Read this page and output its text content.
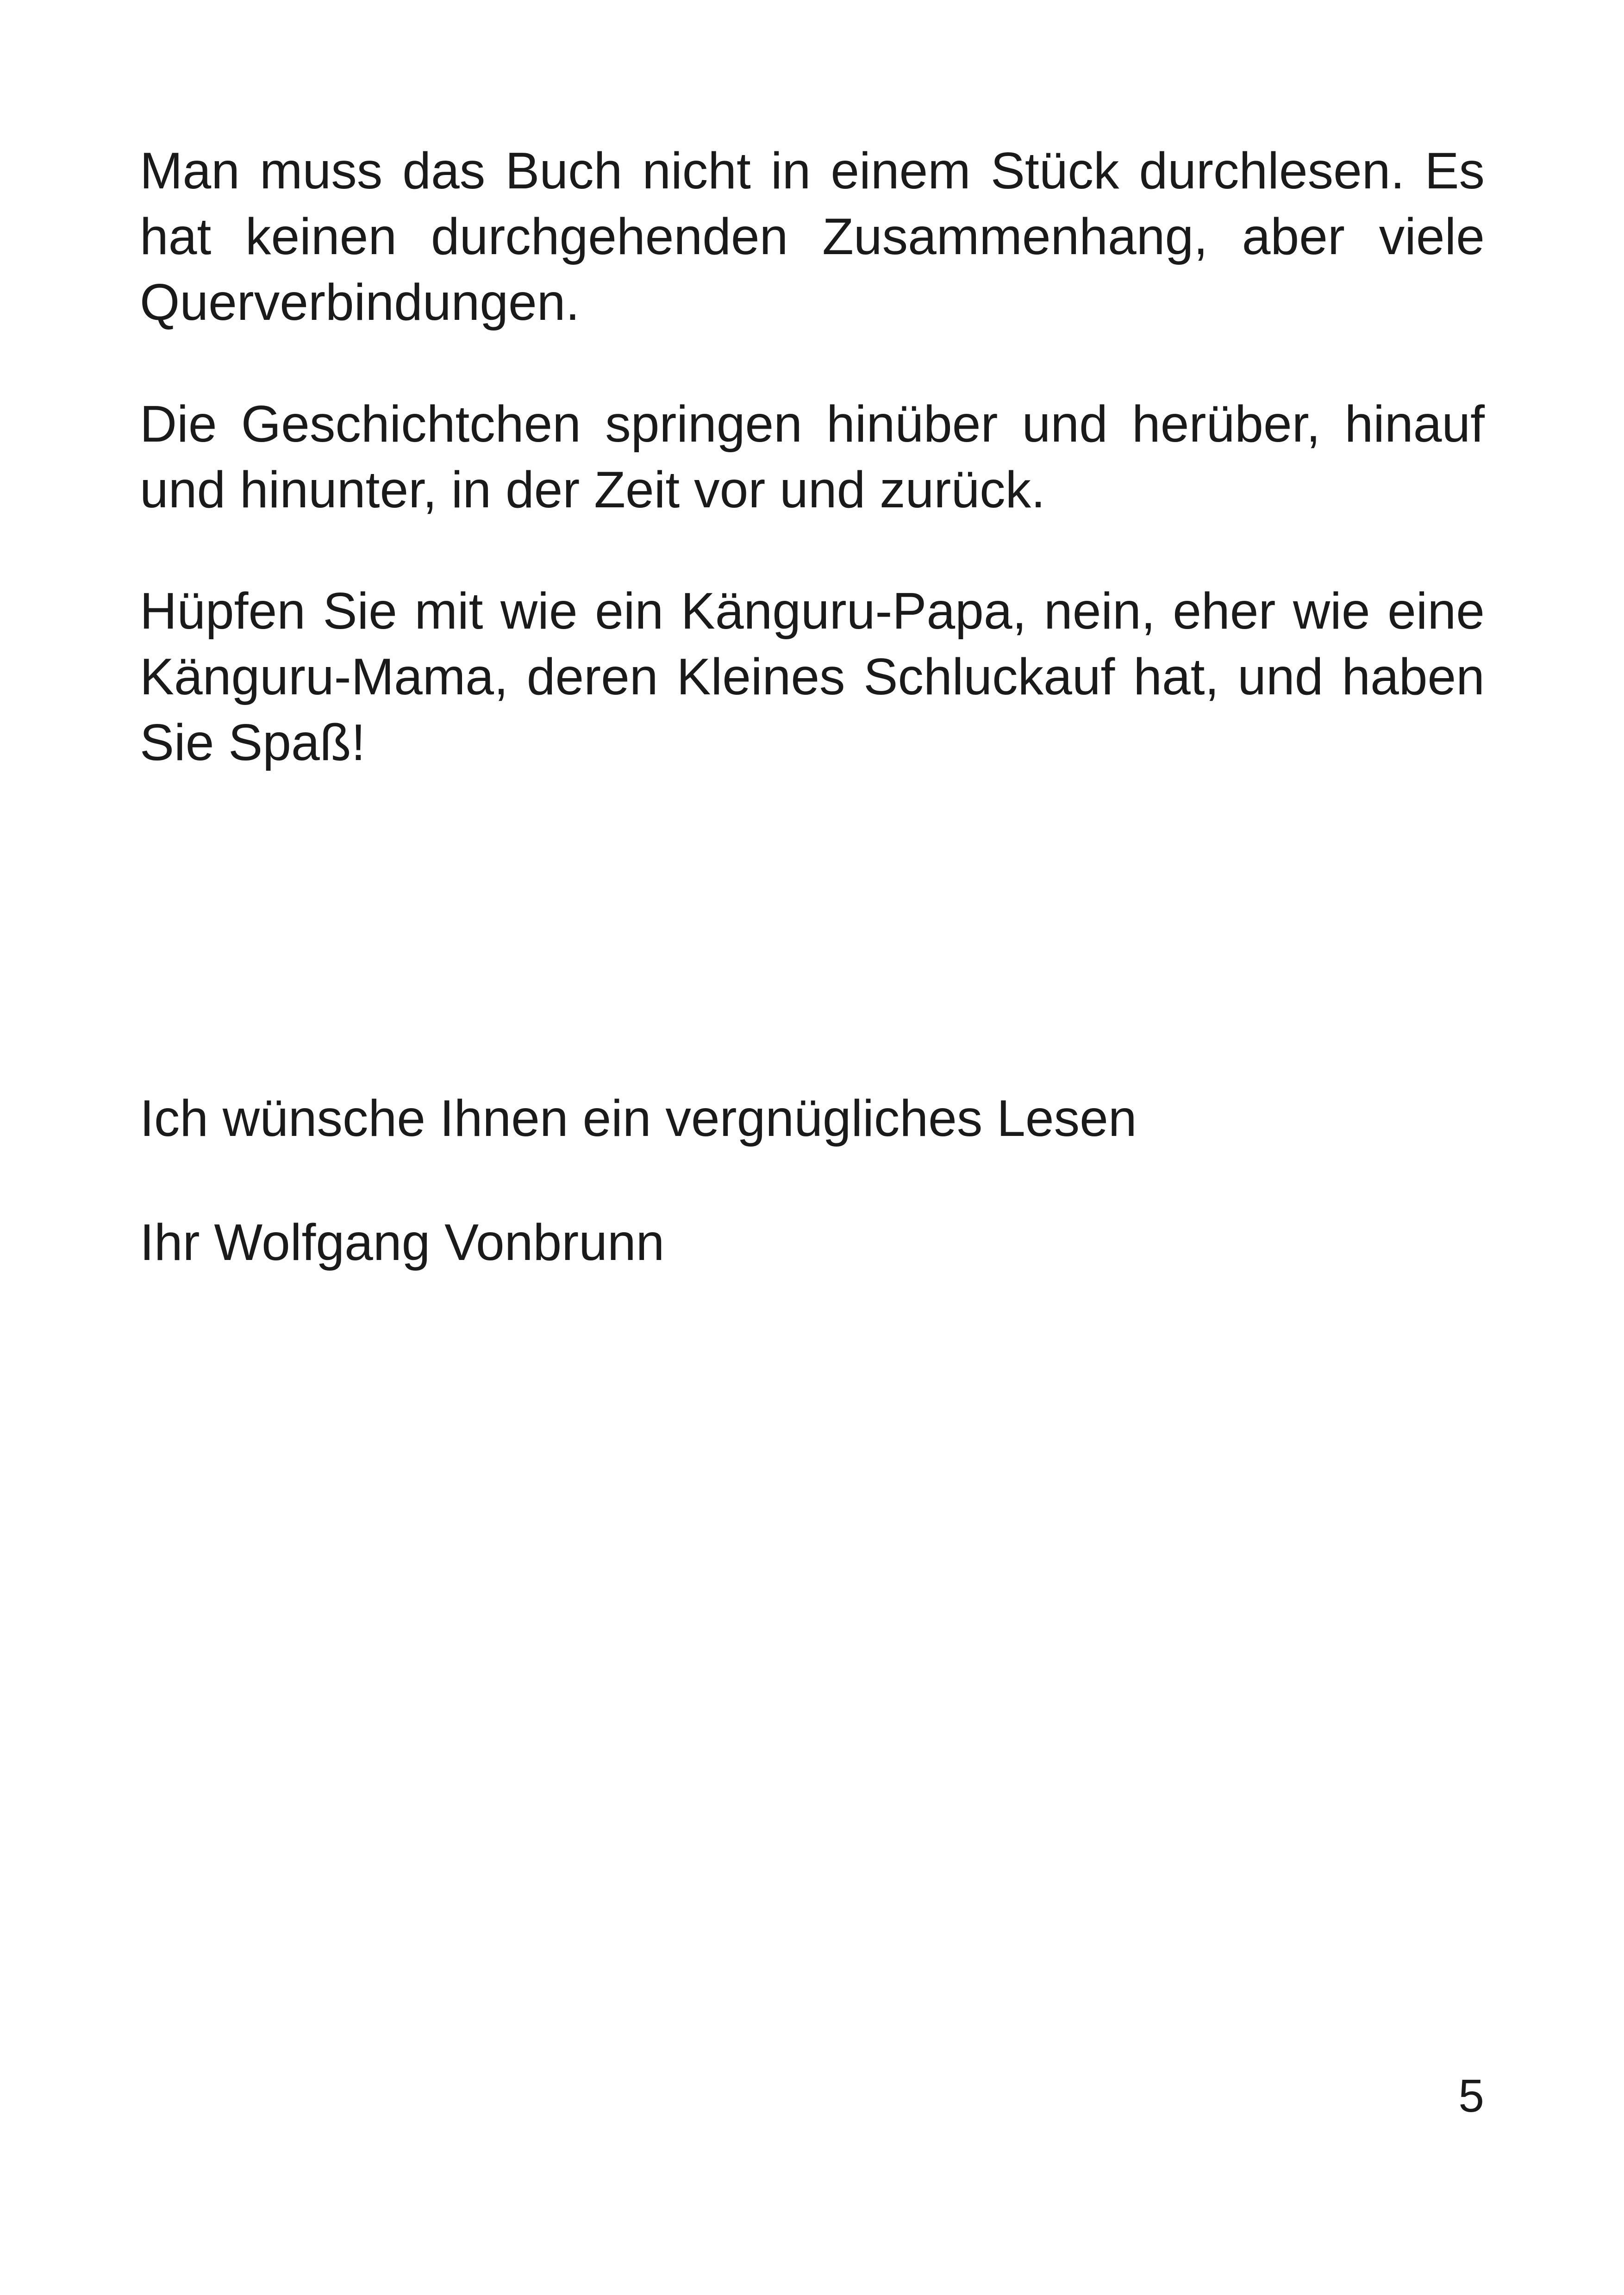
Man muss das Buch nicht in einem Stück durchlesen. Es hat keinen durchgehenden Zusammenhang, aber viele Querverbindungen.

Die Geschichtchen springen hinüber und herüber, hinauf und hinunter, in der Zeit vor und zurück.

Hüpfen Sie mit wie ein Känguru-Papa, nein, eher wie eine Känguru-Mama, deren Kleines Schluckauf hat, und haben Sie Spaß!

Ich wünsche Ihnen ein vergnügliches Lesen

Ihr Wolfgang Vonbrunn

5
